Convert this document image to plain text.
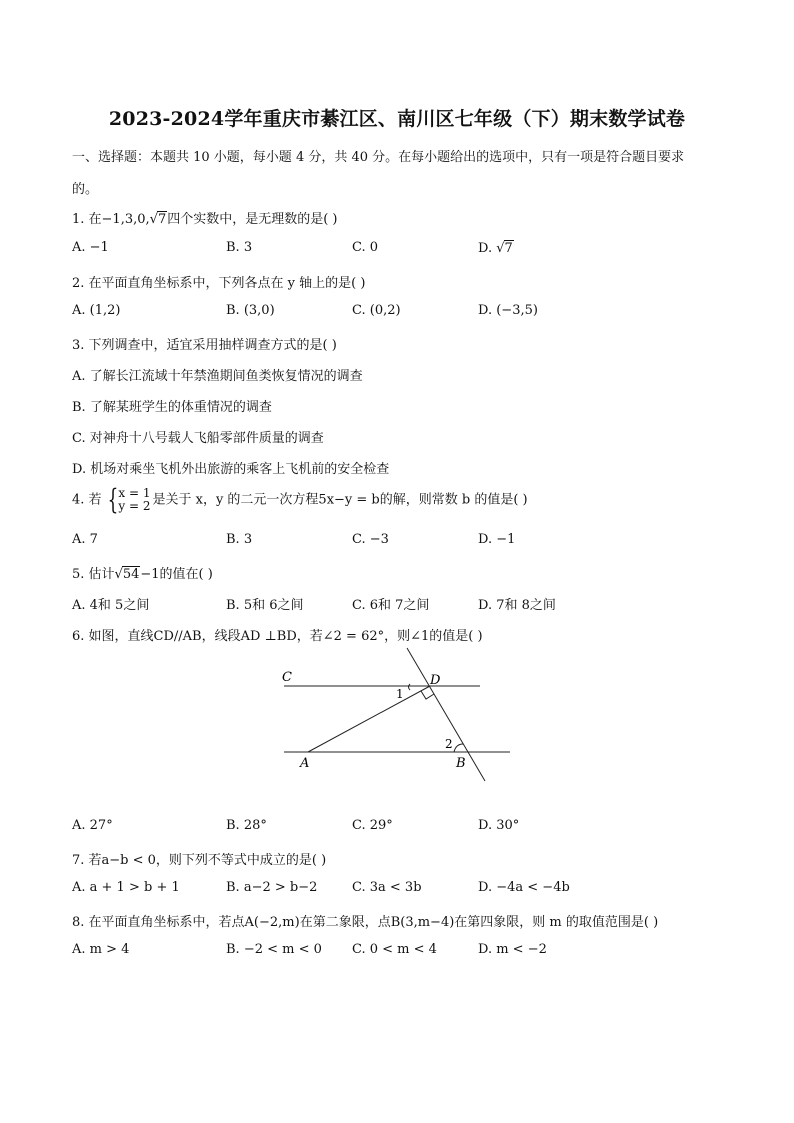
2023-2024学年重庆市綦江区、南川区七年级（下）期末数学试卷
一、选择题：本题共 10 小题，每小题 4 分，共 40 分。在每小题给出的选项中，只有一项是符合题目要求
的。
1. 在−1,3,0,√7四个实数中，是无理数的是( )
A. −1	B. 3	C. 0	D. √7
2. 在平面直角坐标系中，下列各点在 y 轴上的是( )
A. (1,2)	B. (3,0)	C. (0,2)	D. (−3,5)
3. 下列调查中，适宜采用抽样调查方式的是( )
A. 了解长江流域十年禁渔期间鱼类恢复情况的调查
B. 了解某班学生的体重情况的调查
C. 对神舟十八号载人飞船零部件质量的调查
D. 机场对乘坐飞机外出旅游的乘客上飞机前的安全检查
4. 若 { x = 1
y = 2 是关于 x，y 的二元一次方程5x−y = b的解，则常数 b 的值是( )
A. 7	B. 3	C. −3	D. −1
5. 估计√54−1的值在( )
A. 4和 5之间	B. 5和 6之间	C. 6和 7之间	D. 7和 8之间
6. 如图，直线CD//AB，线段AD ⊥BD，若∠2 = 62°，则∠1的值是( )
C	D
A	B
1
2
A. 27°	B. 28°	C. 29°	D. 30°
7. 若a−b < 0，则下列不等式中成立的是( )
A. a + 1 > b + 1	B. a−2 > b−2	C. 3a < 3b	D. −4a < −4b
8. 在平面直角坐标系中，若点A(−2,m)在第二象限，点B(3,m−4)在第四象限，则 m 的取值范围是( )
A. m > 4	B. −2 < m < 0 C. 0 < m < 4	D. m < −2
